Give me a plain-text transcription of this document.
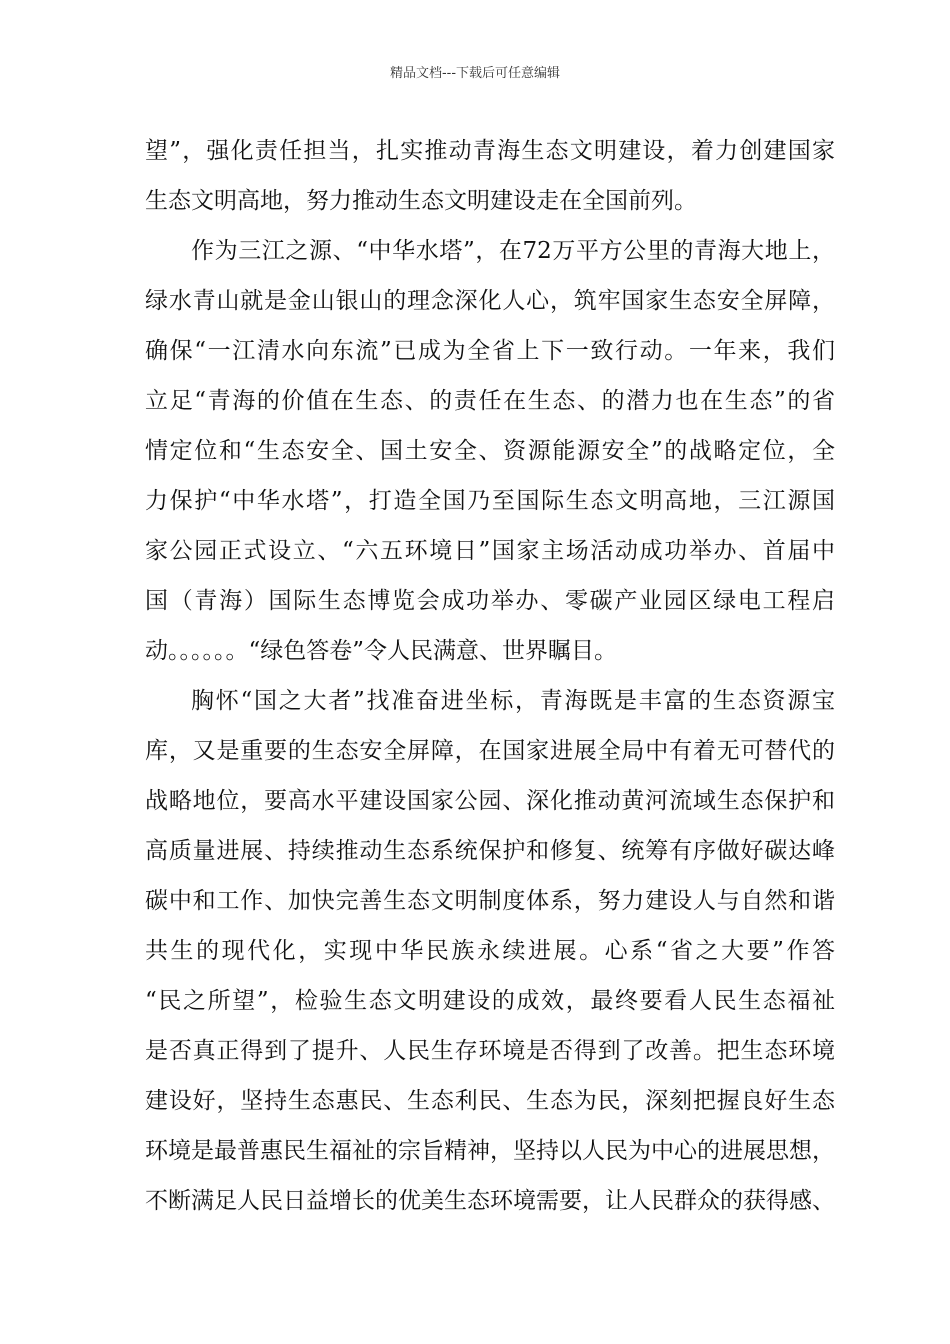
精品文档---下载后可任意编辑
望”，强化责任担当，扎实推动青海生态文明建设，着力创建国家
生态文明高地，努力推动生态文明建设走在全国前列。
作为三江之源、“中华水塔”，在72万平方公里的青海大地上，
绿水青山就是金山银山的理念深化人心，筑牢国家生态安全屏障，
确保“一江清水向东流”已成为全省上下一致行动。一年来，我们
立足“青海的价值在生态、的责任在生态、的潜力也在生态”的省
情定位和“生态安全、国土安全、资源能源安全”的战略定位，全
力保护“中华水塔”，打造全国乃至国际生态文明高地，三江源国
家公园正式设立、“六五环境日”国家主场活动成功举办、首届中
国（青海）国际生态博览会成功举办、零碳产业园区绿电工程启
动。。。。。。“绿色答卷”令人民满意、世界瞩目。
胸怀“国之大者”找准奋进坐标，青海既是丰富的生态资源宝
库，又是重要的生态安全屏障，在国家进展全局中有着无可替代的
战略地位，要高水平建设国家公园、深化推动黄河流域生态保护和
高质量进展、持续推动生态系统保护和修复、统筹有序做好碳达峰
碳中和工作、加快完善生态文明制度体系，努力建设人与自然和谐
共生的现代化，实现中华民族永续进展。心系“省之大要”作答
“民之所望”，检验生态文明建设的成效，最终要看人民生态福祉
是否真正得到了提升、人民生存环境是否得到了改善。把生态环境
建设好，坚持生态惠民、生态利民、生态为民，深刻把握良好生态
环境是最普惠民生福祉的宗旨精神，坚持以人民为中心的进展思想，
不断满足人民日益增长的优美生态环境需要，让人民群众的获得感、
